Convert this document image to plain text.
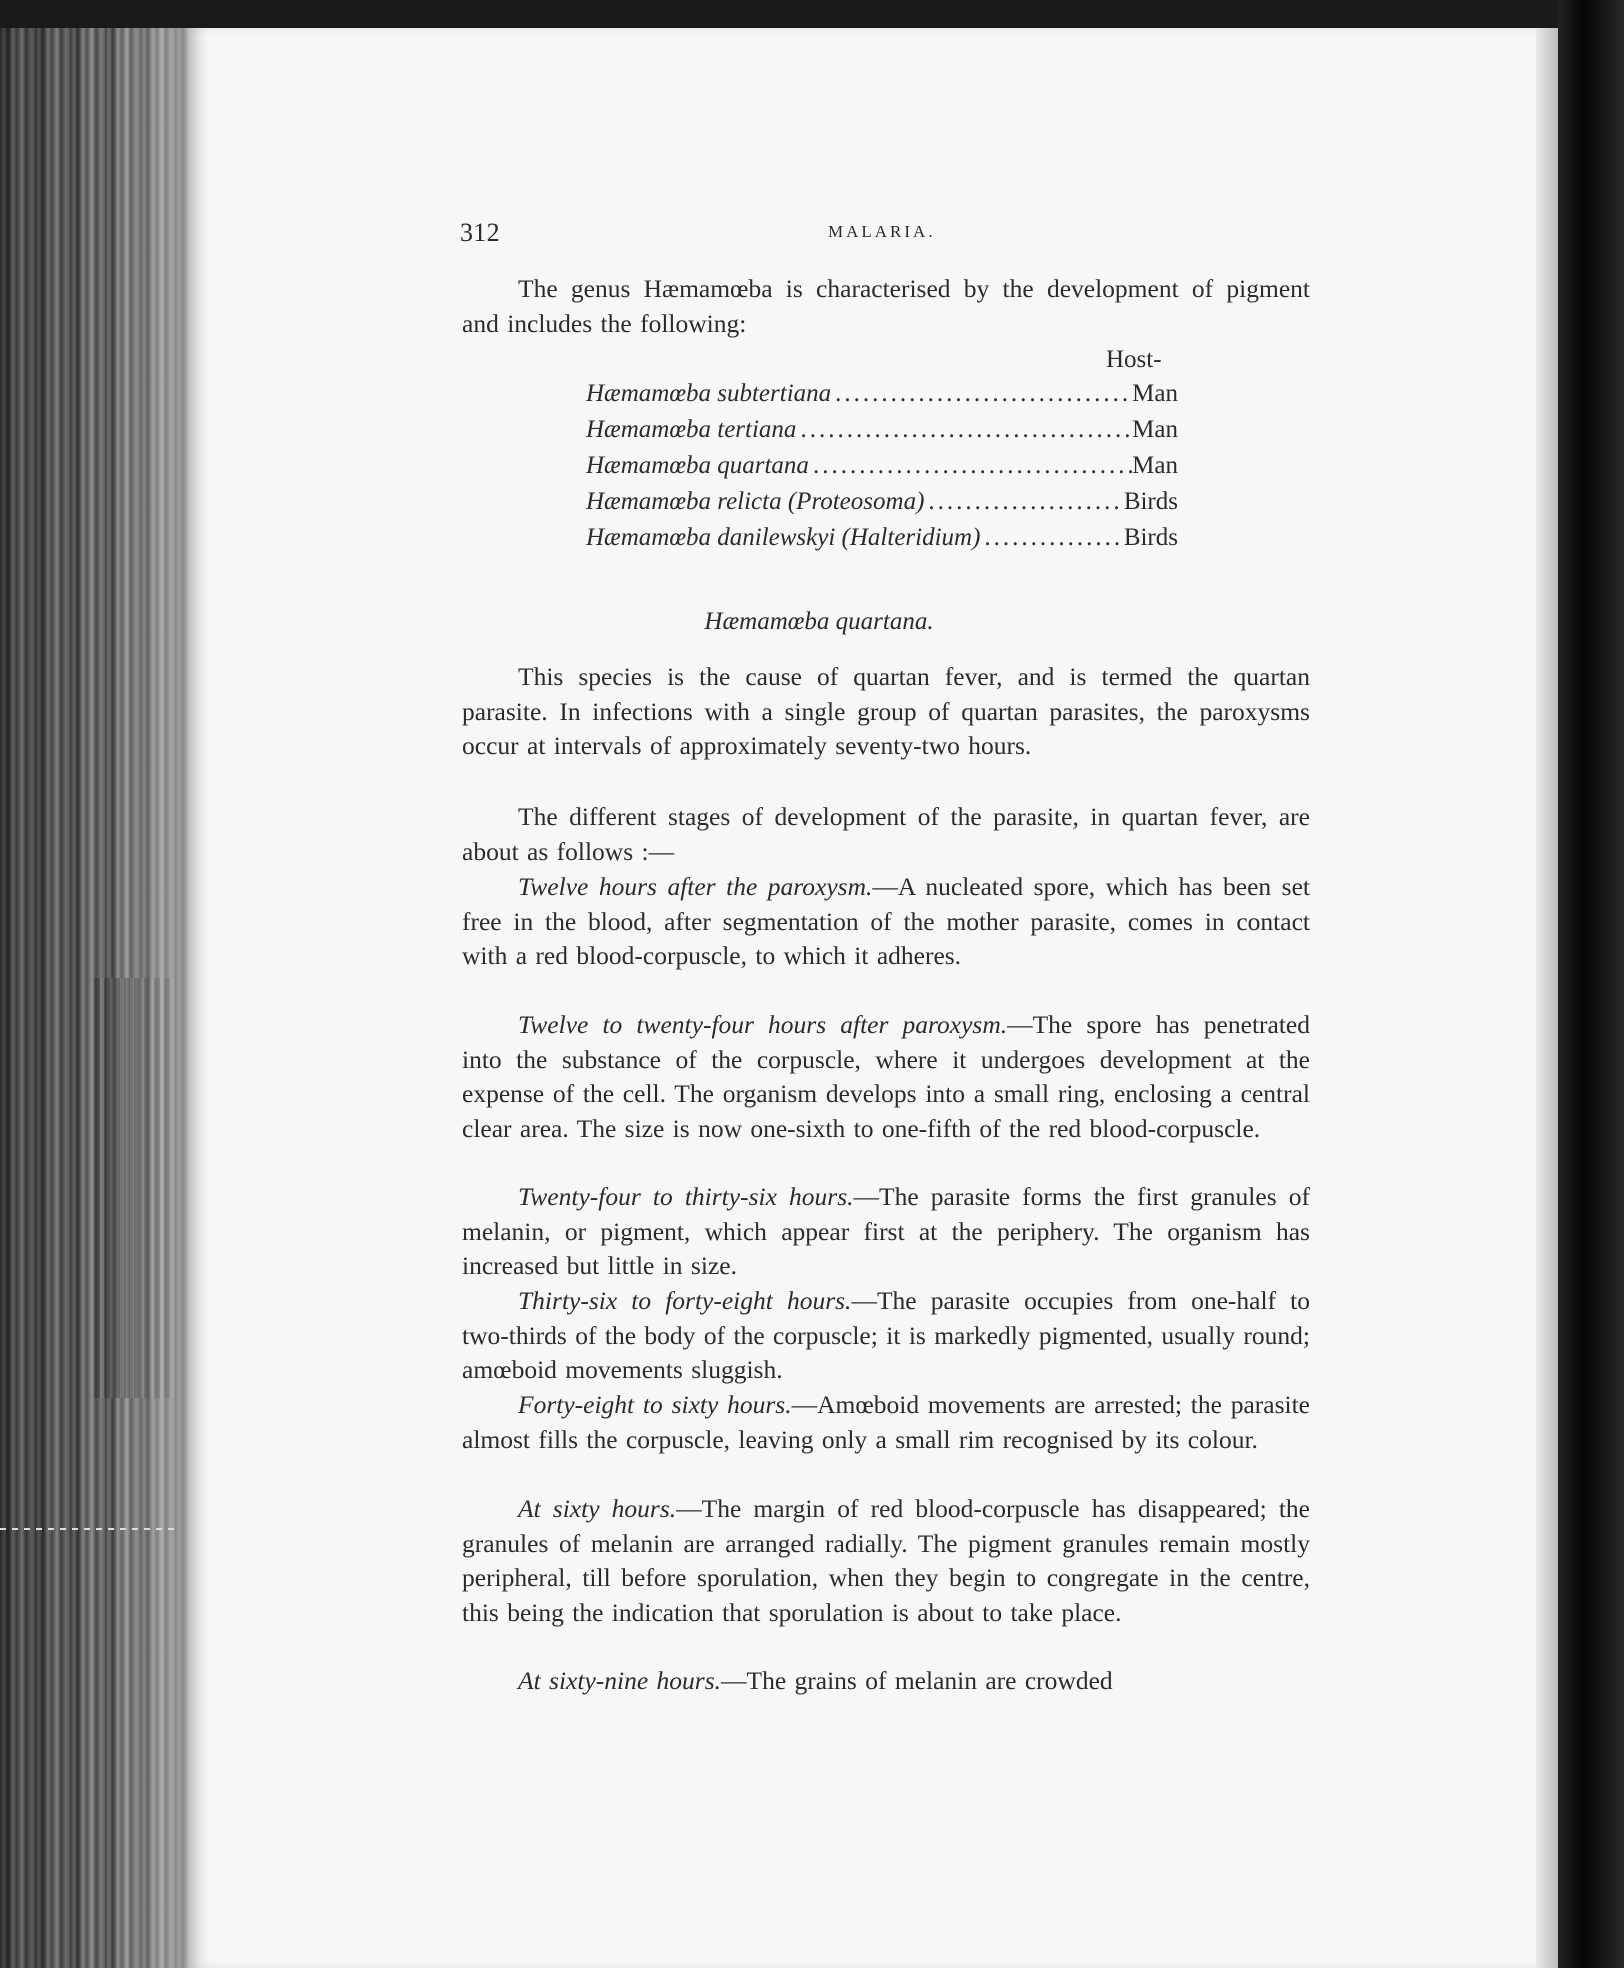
312	MALARIA.
The genus Hæmamœba is characterised by the development of pigment and includes the following:
Host-
Hæmamœba subtertiana .....	Man
Hæmamœba tertiana .....	Man
Hæmamœba quartana .....	Man
Hæmamœba relicta (Proteosoma) .....	Birds
Hæmamœba danilewskyi (Halteridium) .....	Birds
Hæmamœba quartana.
This species is the cause of quartan fever, and is termed the quartan parasite. In infections with a single group of quartan parasites, the paroxysms occur at intervals of approximately seventy-two hours.
The different stages of development of the parasite, in quartan fever, are about as follows :—
Twelve hours after the paroxysm.—A nucleated spore, which has been set free in the blood, after segmentation of the mother parasite, comes in contact with a red blood-corpuscle, to which it adheres.
Twelve to twenty-four hours after paroxysm.—The spore has penetrated into the substance of the corpuscle, where it undergoes development at the expense of the cell. The organism develops into a small ring, enclosing a central clear area. The size is now one-sixth to one-fifth of the red blood-corpuscle.
Twenty-four to thirty-six hours.—The parasite forms the first granules of melanin, or pigment, which appear first at the periphery. The organism has increased but little in size.
Thirty-six to forty-eight hours.—The parasite occupies from one-half to two-thirds of the body of the corpuscle; it is markedly pigmented, usually round; amœboid movements sluggish.
Forty-eight to sixty hours.—Amœboid movements are arrested; the parasite almost fills the corpuscle, leaving only a small rim recognised by its colour.
At sixty hours.—The margin of red blood-corpuscle has disappeared; the granules of melanin are arranged radially. The pigment granules remain mostly peripheral, till before sporulation, when they begin to congregate in the centre, this being the indication that sporulation is about to take place.
At sixty-nine hours.—The grains of melanin are crowded
